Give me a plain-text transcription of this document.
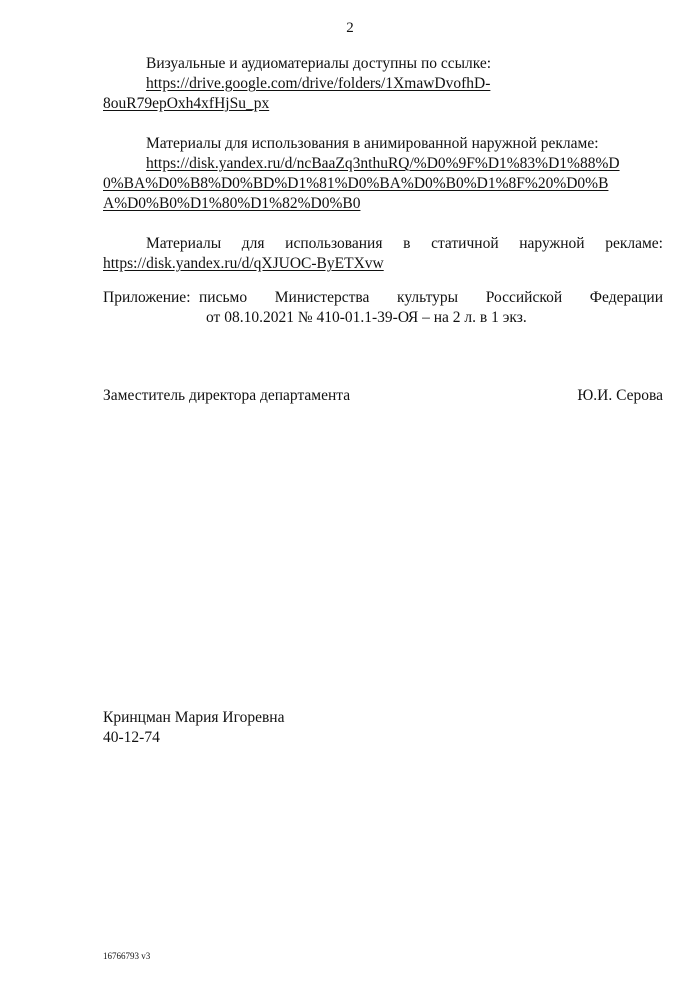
2
Визуальные и аудиоматериалы доступны по ссылке:
https://drive.google.com/drive/folders/1XmawDvofhD-
8ouR79epOxh4xfHjSu_px
Материалы для использования в анимированной наружной рекламе:
https://disk.yandex.ru/d/ncBaaZq3nthuRQ/%D0%9F%D1%83%D1%88%D
0%BA%D0%B8%D0%BD%D1%81%D0%BA%D0%B0%D1%8F%20%D0%B
A%D0%B0%D1%80%D1%82%D0%B0
Материалы для использования в статичной наружной рекламе:
https://disk.yandex.ru/d/qXJUOC-ByETXvw
Приложение: письмо Министерства культуры Российской Федерации
от 08.10.2021 № 410-01.1-39-ОЯ – на 2 л. в 1 экз.
Заместитель директора департамента	Ю.И. Серова
Кринцман Мария Игоревна
40-12-74
16766793 v3
